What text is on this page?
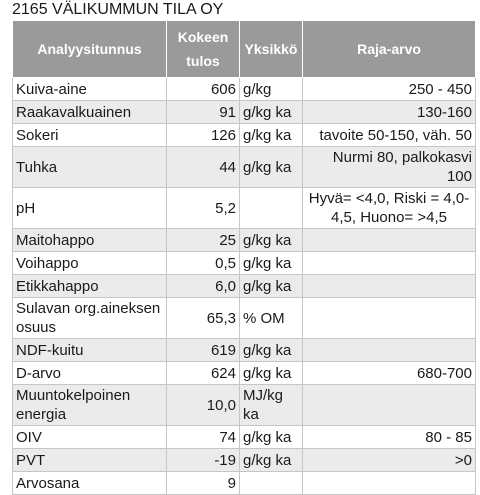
2165 VÄLIKUMMUN TILA OY
Analyysitunnus	Kokeen tulos	Yksikkö	Raja-arvo
Kuiva-aine	606	g/kg	250 - 450
Raakavalkuainen	91	g/kg ka	130-160
Sokeri	126	g/kg ka	tavoite 50-150, väh. 50
Tuhka	44	g/kg ka	Nurmi 80, palkokasvi 100
pH	5,2		Hyvä= <4,0, Riski = 4,0-4,5, Huono= >4,5
Maitohappo	25	g/kg ka	
Voihappo	0,5	g/kg ka	
Etikkahappo	6,0	g/kg ka	
Sulavan org.aineksen osuus	65,3	% OM	
NDF-kuitu	619	g/kg ka	
D-arvo	624	g/kg ka	680-700
Muuntokelpoinen energia	10,0	MJ/kg ka	
OIV	74	g/kg ka	80 - 85
PVT	-19	g/kg ka	>0
Arvosana	9		
